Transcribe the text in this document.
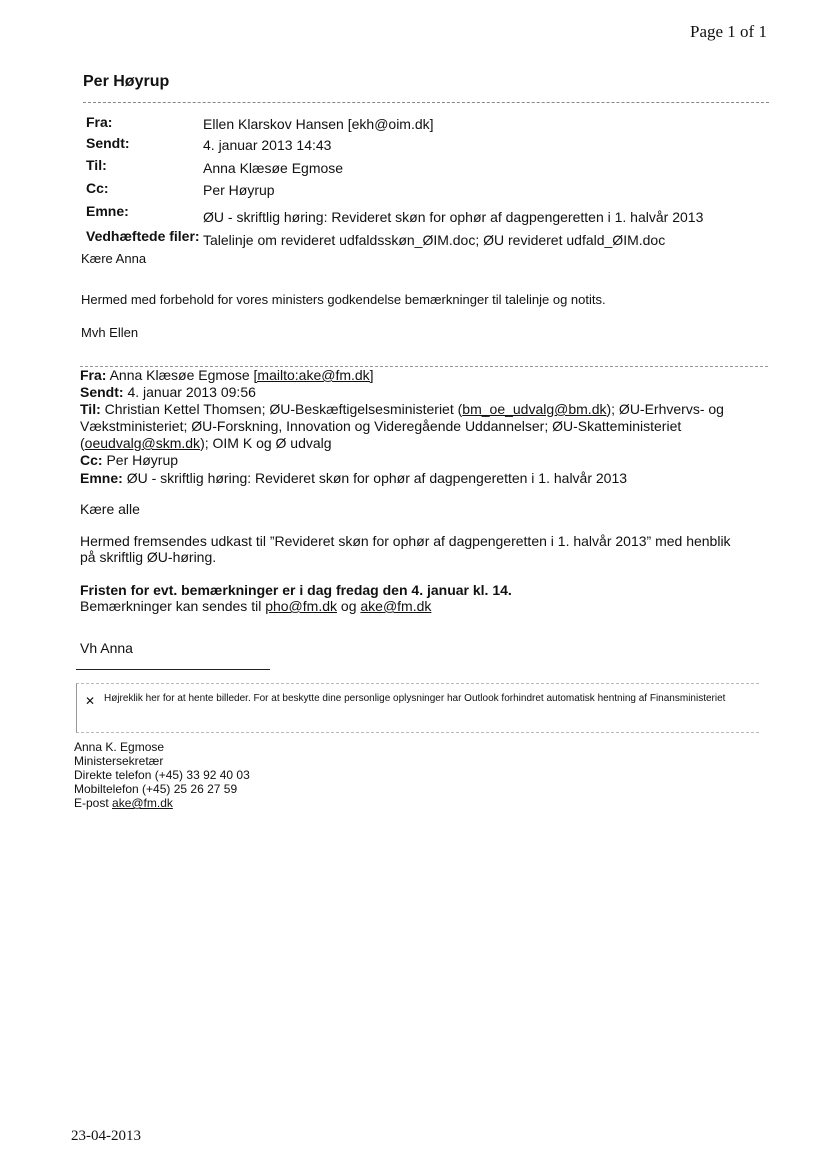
Page 1 of 1
Per Høyrup
Fra:	Ellen Klarskov Hansen [ekh@oim.dk]
Sendt:	4. januar 2013 14:43
Til:	Anna Klæsøe Egmose
Cc:	Per Høyrup
Emne:	ØU - skriftlig høring: Revideret skøn for ophør af dagpengeretten i 1. halvår 2013
Vedhæftede filer: Talelinje om revideret udfaldsskøn_ØIM.doc; ØU revideret udfald_ØIM.doc
Kære Anna
Hermed med forbehold for vores ministers godkendelse bemærkninger til talelinje og notits.
Mvh Ellen
Fra: Anna Klæsøe Egmose [mailto:ake@fm.dk]
Sendt: 4. januar 2013 09:56
Til: Christian Kettel Thomsen; ØU-Beskæftigelsesministeriet (bm_oe_udvalg@bm.dk); ØU-Erhvervs- og
Vækstministeriet; ØU-Forskning, Innovation og Videregående Uddannelser; ØU-Skatteministeriet
(oeudvalg@skm.dk); OIM K og Ø udvalg
Cc: Per Høyrup
Emne: ØU - skriftlig høring: Revideret skøn for ophør af dagpengeretten i 1. halvår 2013
Kære alle
Hermed fremsendes udkast til ”Revideret skøn for ophør af dagpengeretten i 1. halvår 2013” med henblik
på skriftlig ØU-høring.
Fristen for evt. bemærkninger er i dag fredag den 4. januar kl. 14.
Bemærkninger kan sendes til pho@fm.dk og ake@fm.dk
Vh Anna
✕ Højreklik her for at hente billeder. For at beskytte dine personlige oplysninger har Outlook forhindret automatisk hentning af Finansministeriet
Anna K. Egmose
Ministersekretær
Direkte telefon (+45) 33 92 40 03
Mobiltelefon (+45) 25 26 27 59
E-post ake@fm.dk
23-04-2013
